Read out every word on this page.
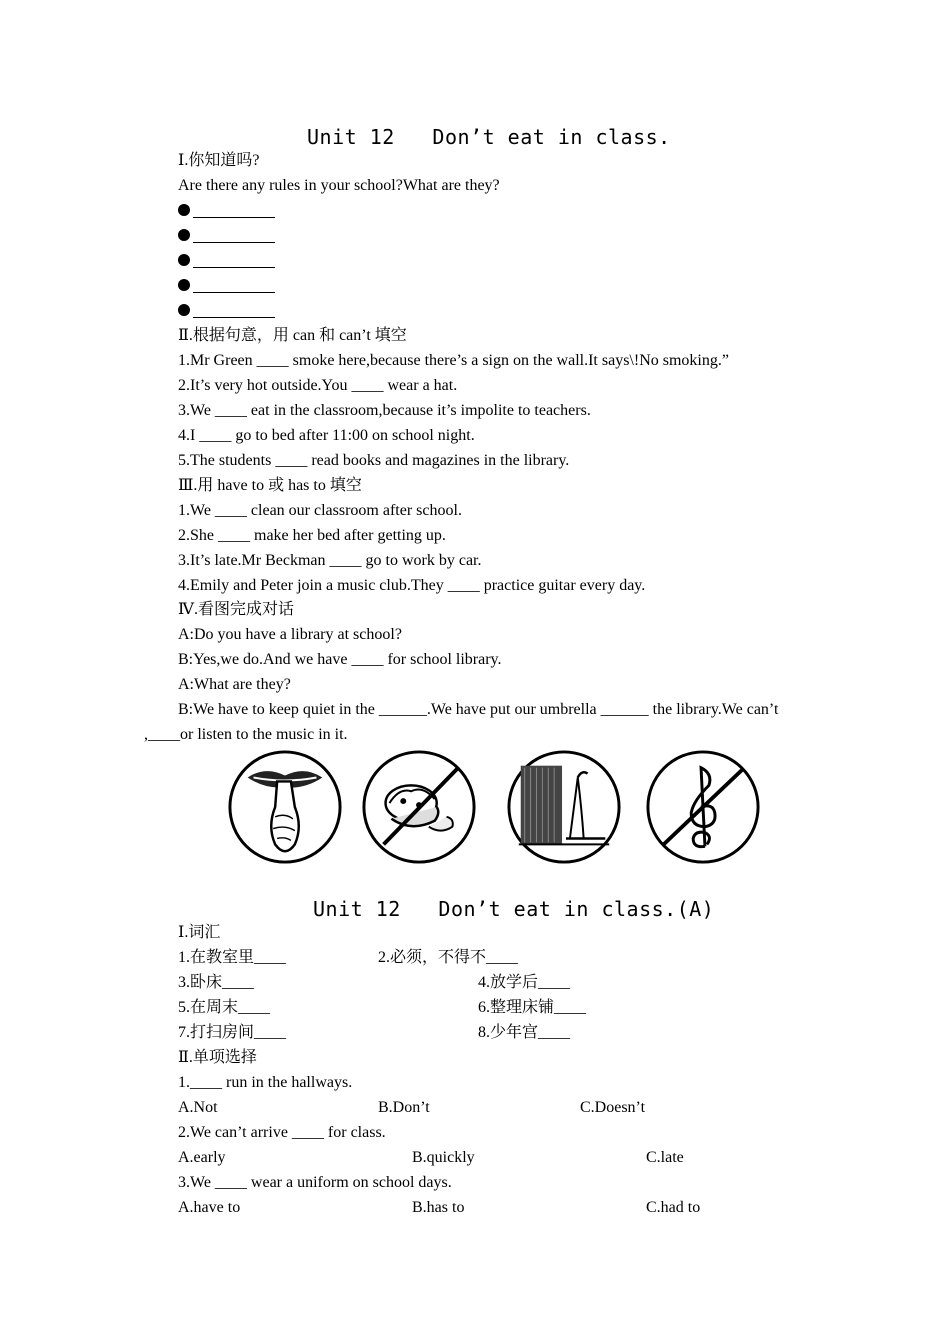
Unit 12   Don’t eat in class.
Ⅰ.你知道吗?
Are there any rules in your school?What are they?
Ⅱ.根据句意，用 can 和 can’t 填空
1.Mr Green ____ smoke here,because there’s a sign on the wall.It says\!No smoking.”
2.It’s very hot outside.You ____ wear a hat.
3.We ____ eat in the classroom,because it’s impolite to teachers.
4.I ____ go to bed after 11:00 on school night.
5.The students ____ read books and magazines in the library.
Ⅲ.用 have to 或 has to 填空
1.We ____ clean our classroom after school.
2.She ____ make her bed after getting up.
3.It’s late.Mr Beckman ____ go to work by car.
4.Emily and Peter join a music club.They ____ practice guitar every day.
Ⅳ.看图完成对话
A:Do you have a library at school?
B:Yes,we do.And we have ____ for school library.
A:What are they?
B:We have to keep quiet in the ______.We have put our umbrella ______ the library.We can’t
,____or listen to the music in it.
Unit 12   Don’t eat in class.(A)
Ⅰ.词汇
1.在教室里____	2.必须，不得不____
3.卧床____	4.放学后____
5.在周末____	6.整理床铺____
7.打扫房间____	8.少年宫____
Ⅱ.单项选择
1.____ run in the hallways.
A.Not	B.Don’t	C.Doesn’t
2.We can’t arrive ____ for class.
A.early	B.quickly	C.late
3.We ____ wear a uniform on school days.
A.have to	B.has to	C.had to
